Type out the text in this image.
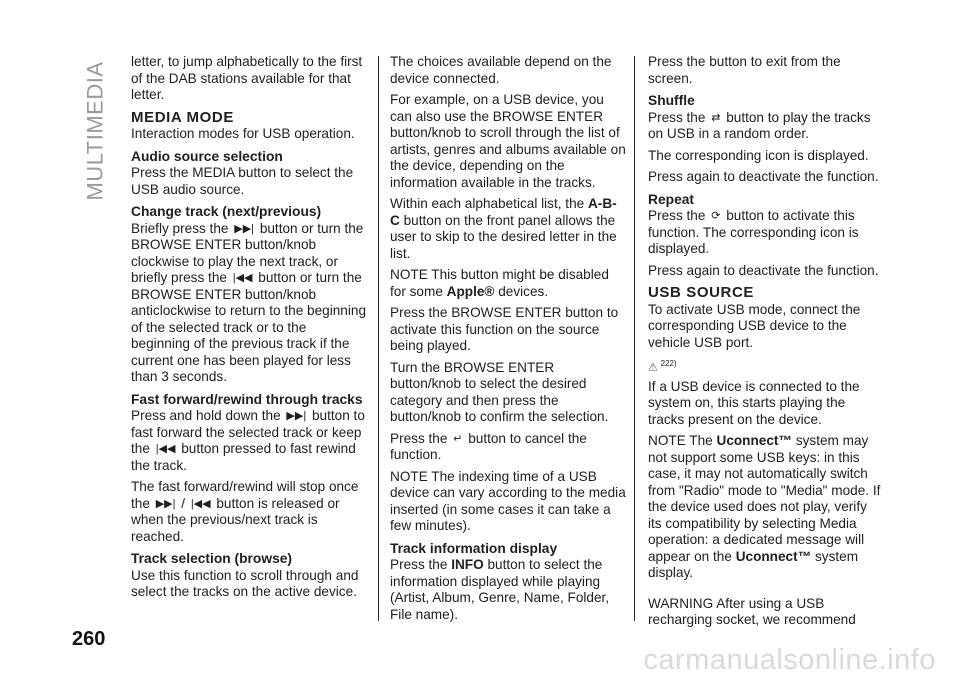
MULTIMEDIA letter, to jump alphabetically to the first of the DAB stations available for that letter.

MEDIA MODE

Interaction modes for USB operation.

Audio source selection

Press the MEDIA button to select the USB audio source.

Change track (next/previous)

Briefly press the ▶▶| button or turn the BROWSE ENTER button/knob clockwise to play the next track, or briefly press the |◀◀ button or turn the BROWSE ENTER button/knob anticlockwise to return to the beginning of the selected track or to the beginning of the previous track if the current one has been played for less than 3 seconds.

Fast forward/rewind through tracks

Press and hold down the ▶▶| button to fast forward the selected track or keep the |◀◀ button pressed to fast rewind the track.

The fast forward/rewind will stop once the ▶▶| / |◀◀ button is released or when the previous/next track is reached.

Track selection (browse)

Use this function to scroll through and select the tracks on the active device.

The choices available depend on the device connected.

For example, on a USB device, you can also use the BROWSE ENTER button/knob to scroll through the list of artists, genres and albums available on the device, depending on the information available in the tracks.

Within each alphabetical list, the A-B-C button on the front panel allows the user to skip to the desired letter in the list.

NOTE This button might be disabled for some Apple® devices.

Press the BROWSE ENTER button to activate this function on the source being played.

Turn the BROWSE ENTER button/knob to select the desired category and then press the button/knob to confirm the selection.

Press the ↵ button to cancel the function.

NOTE The indexing time of a USB device can vary according to the media inserted (in some cases it can take a few minutes).

Track information display

Press the INFO button to select the information displayed while playing (Artist, Album, Genre, Name, Folder, File name).

Press the button to exit from the screen.

Shuffle

Press the ⇄ button to play the tracks on USB in a random order.

The corresponding icon is displayed.

Press again to deactivate the function.

Repeat

Press the ⟳ button to activate this function. The corresponding icon is displayed.

Press again to deactivate the function.

USB SOURCE

To activate USB mode, connect the corresponding USB device to the vehicle USB port.

⚠ $^{222)}$

If a USB device is connected to the system on, this starts playing the tracks present on the device.

NOTE The Uconnect™ system may not support some USB keys: in this case, it may not automatically switch from "Radio" mode to "Media" mode. If the device used does not play, verify its compatibility by selecting Media operation: a dedicated message will appear on the Uconnect™ system display.

WARNING After using a USB recharging socket, we recommend

260
carmanualsonline.info
